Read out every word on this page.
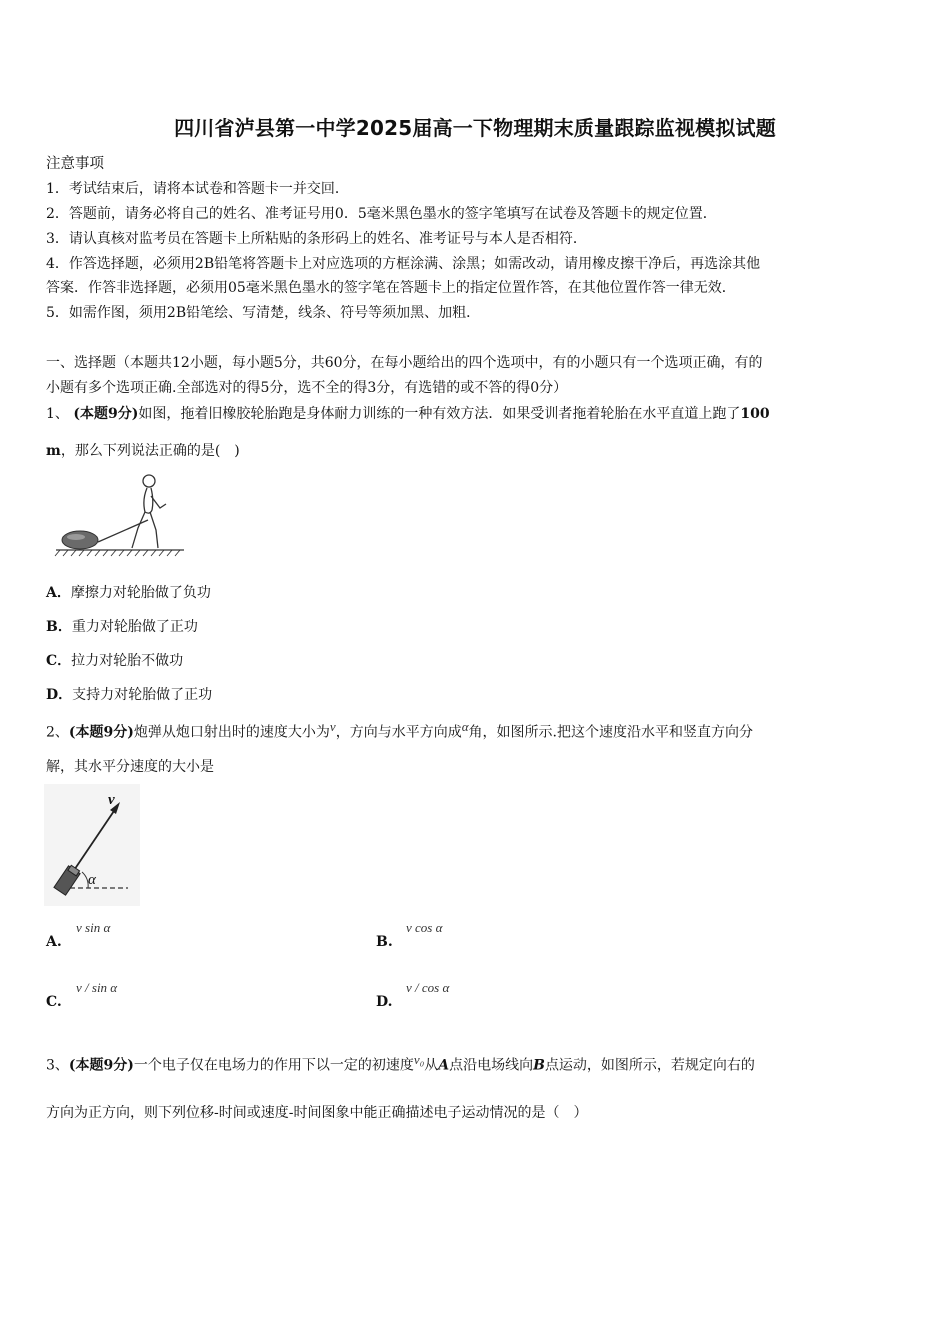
四川省泸县第一中学2025届高一下物理期末质量跟踪监视模拟试题
注意事项
1．考试结束后，请将本试卷和答题卡一并交回．
2．答题前，请务必将自己的姓名、准考证号用0．5毫米黑色墨水的签字笔填写在试卷及答题卡的规定位置．
3．请认真核对监考员在答题卡上所粘贴的条形码上的姓名、准考证号与本人是否相符．
4．作答选择题，必须用2B铅笔将答题卡上对应选项的方框涂满、涂黑；如需改动，请用橡皮擦干净后，再选涂其他
答案．作答非选择题，必须用05毫米黑色墨水的签字笔在答题卡上的指定位置作答，在其他位置作答一律无效．
5．如需作图，须用2B铅笔绘、写清楚，线条、符号等须加黑、加粗．
一、选择题（本题共12小题，每小题5分，共60分，在每小题给出的四个选项中，有的小题只有一个选项正确，有的
小题有多个选项正确.全部选对的得5分，选不全的得3分，有选错的或不答的得0分）
1、 (本题9分)如图，拖着旧橡胶轮胎跑是身体耐力训练的一种有效方法．如果受训者拖着轮胎在水平直道上跑了100
m，那么下列说法正确的是(　)
A．摩擦力对轮胎做了负功
B．重力对轮胎做了正功
C．拉力对轮胎不做功
D．支持力对轮胎做了正功
2、(本题9分)炮弹从炮口射出时的速度大小为$^v$，方向与水平方向成$^\alpha$角，如图所示.把这个速度沿水平和竖直方向分
解，其水平分速度的大小是
v
α
v sin α
A.
v cos α
B.
v / sin α
C.
v / cos α
D.
3、(本题9分)一个电子仅在电场力的作用下以一定的初速度$^{v_0}$从A点沿电场线向B点运动，如图所示，若规定向右的
方向为正方向，则下列位移-时间或速度-时间图象中能正确描述电子运动情况的是（　）
